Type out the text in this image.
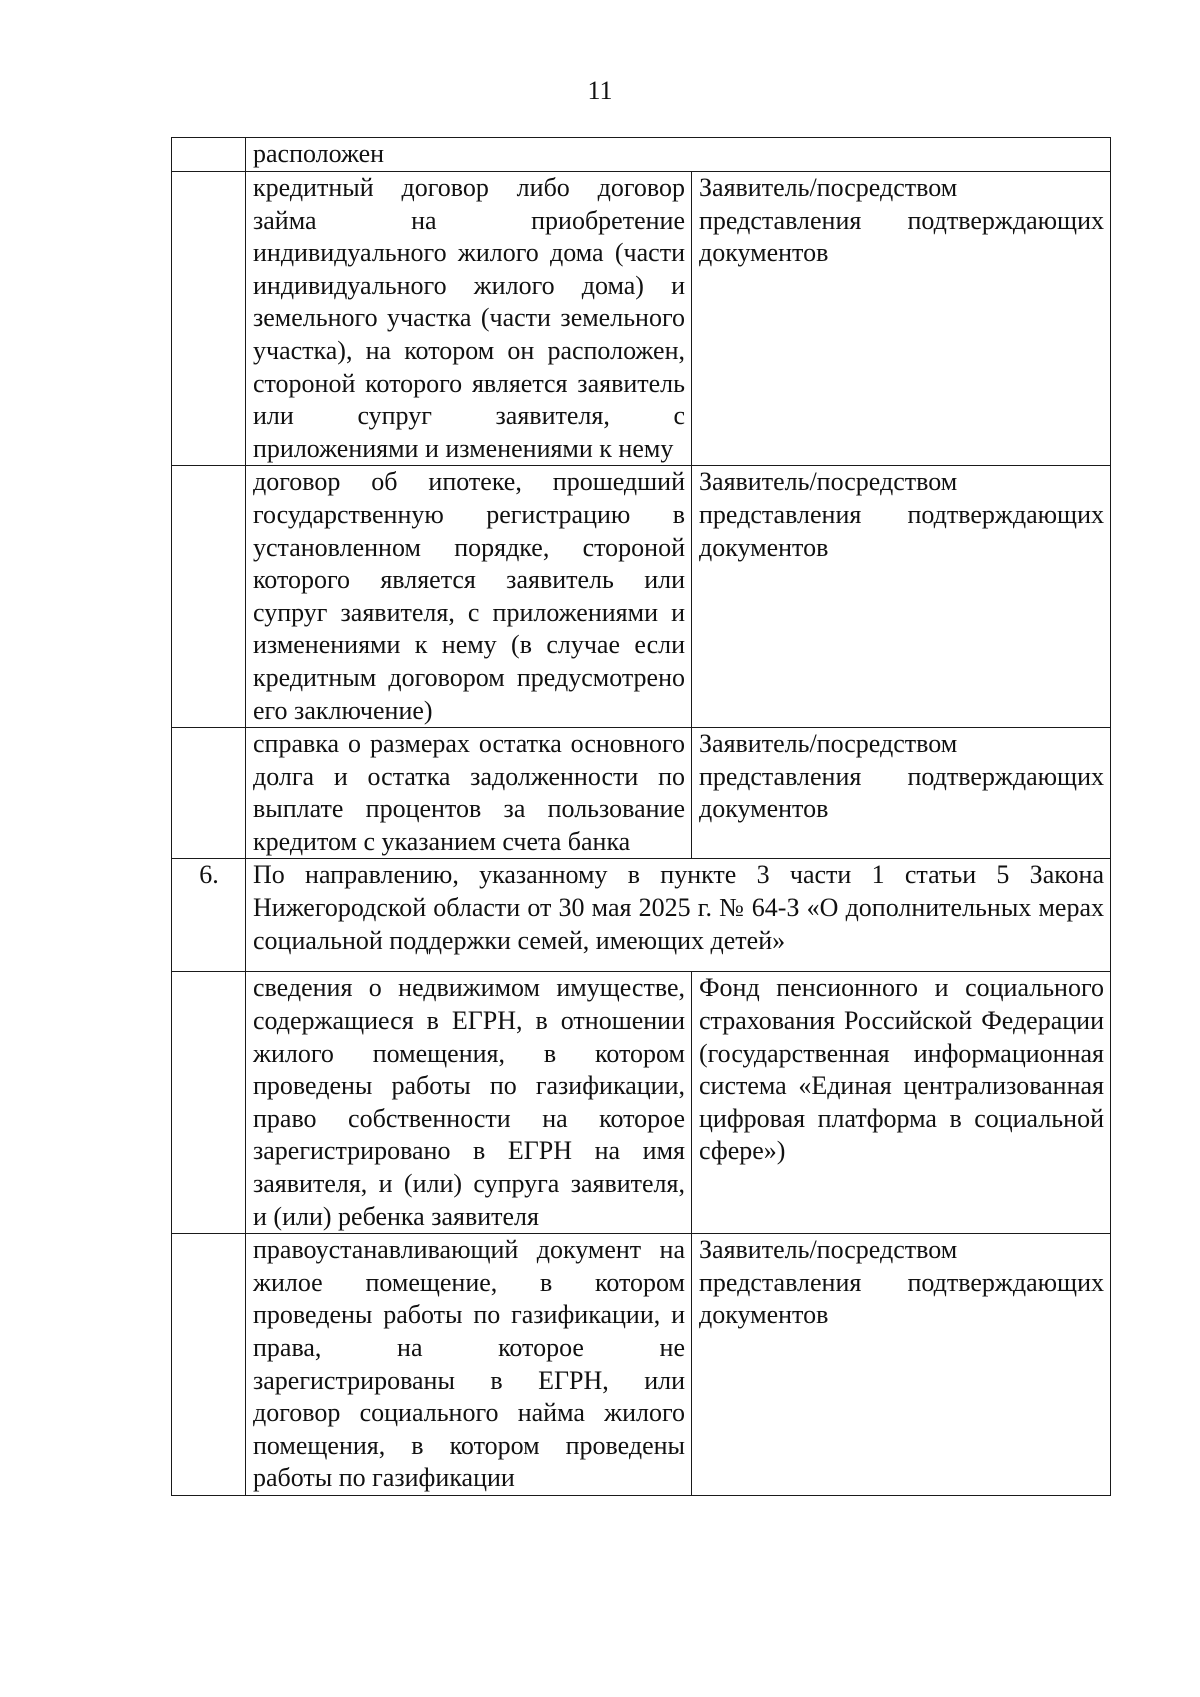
11
	расположен	
	кредитный договор либо договор займа на приобретение индивидуального жилого дома (части индивидуального жилого дома) и земельного участка (части земельного участка), на котором он расположен, стороной которого является заявитель или супруг заявителя, с приложениями и изменениями к нему	Заявитель/посредством представления подтверждающих документов
	договор об ипотеке, прошедший государственную регистрацию в установленном порядке, стороной которого является заявитель или супруг заявителя, с приложениями и изменениями к нему (в случае если кредитным договором предусмотрено его заключение)	Заявитель/посредством представления подтверждающих документов
	справка о размерах остатка основного долга и остатка задолженности по выплате процентов за пользование кредитом с указанием счета банка	Заявитель/посредством представления подтверждающих документов
6.	По направлению, указанному в пункте 3 части 1 статьи 5 Закона Нижегородской области от 30 мая 2025 г. № 64-З «О дополнительных мерах социальной поддержки семей, имеющих детей»	
	сведения о недвижимом имуществе, содержащиеся в ЕГРН, в отношении жилого помещения, в котором проведены работы по газификации, право собственности на которое зарегистрировано в ЕГРН на имя заявителя, и (или) супруга заявителя, и (или) ребенка заявителя	Фонд пенсионного и социального страхования Российской Федерации (государственная информационная система «Единая централизованная цифровая платформа в социальной сфере»)
	правоустанавливающий документ на жилое помещение, в котором проведены работы по газификации, и права, на которое не зарегистрированы в ЕГРН, или договор социального найма жилого помещения, в котором проведены работы по газификации	Заявитель/посредством представления подтверждающих документов
